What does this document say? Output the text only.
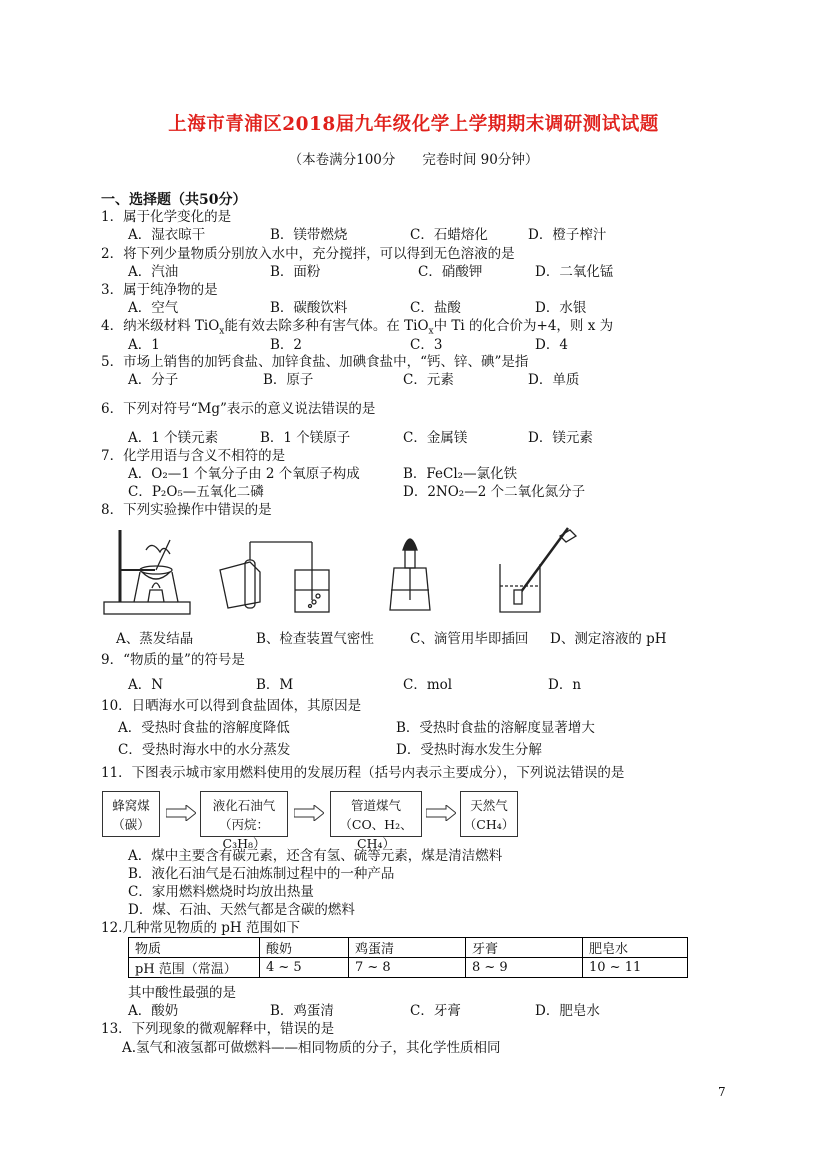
上海市青浦区2018届九年级化学上学期期末调研测试试题
（本卷满分100分　　完卷时间 90分钟）
一、选择题（共50分）
1．属于化学变化的是
A．湿衣晾干	B．镁带燃烧	C．石蜡熔化	D．橙子榨汁
2．将下列少量物质分别放入水中，充分搅拌，可以得到无色溶液的是
A．汽油	B．面粉	C．硝酸钾	D．二氧化锰
3．属于纯净物的是
A．空气	B．碳酸饮料	C．盐酸	D．水银
4．纳米级材料 TiO$_x$能有效去除多种有害气体。在 TiO$_x$中 Ti 的化合价为+4，则 x 为
A．1	B．2	C．3	D．4
5．市场上销售的加钙食盐、加锌食盐、加碘食盐中，“钙、锌、碘”是指
A．分子	B．原子	C．元素	D．单质
6．下列对符号“Mg”表示的意义说法错误的是
A．1 个镁元素	B．1 个镁原子	C．金属镁	D．镁元素
7．化学用语与含义不相符的是
A．O₂—1 个氧分子由 2 个氧原子构成	B．FeCl₂—氯化铁
C．P₂O₅—五氧化二磷	D．2NO₂—2 个二氧化氮分子
8．下列实验操作中错误的是
A、蒸发结晶	B、检查装置气密性	C、滴管用毕即插回 D、测定溶液的 pH
9．“物质的量”的符号是
A．N	B．M	C．mol	D．n
10．日晒海水可以得到食盐固体，其原因是
A．受热时食盐的溶解度降低	B．受热时食盐的溶解度显著增大
C．受热时海水中的水分蒸发	D．受热时海水发生分解
11．下图表示城市家用燃料使用的发展历程（括号内表示主要成分），下列说法错误的是
蜂窝煤
（碳）
液化石油气
（丙烷：C₃H₈）
管道煤气
（CO、H₂、CH₄）
天然气
（CH₄）
A．煤中主要含有碳元素，还含有氢、硫等元素，煤是清洁燃料
B．液化石油气是石油炼制过程中的一种产品
C．家用燃料燃烧时均放出热量
D．煤、石油、天然气都是含碳的燃料
12.几种常见物质的 pH 范围如下
物质	酸奶	鸡蛋清	牙膏	肥皂水
pH 范围（常温）	4 ~ 5	7 ~ 8	8 ~ 9	10 ~ 11
其中酸性最强的是
A．酸奶	B．鸡蛋清	C．牙膏	D．肥皂水
13．下列现象的微观解释中，错误的是
A.氢气和液氢都可做燃料——相同物质的分子，其化学性质相同
7
